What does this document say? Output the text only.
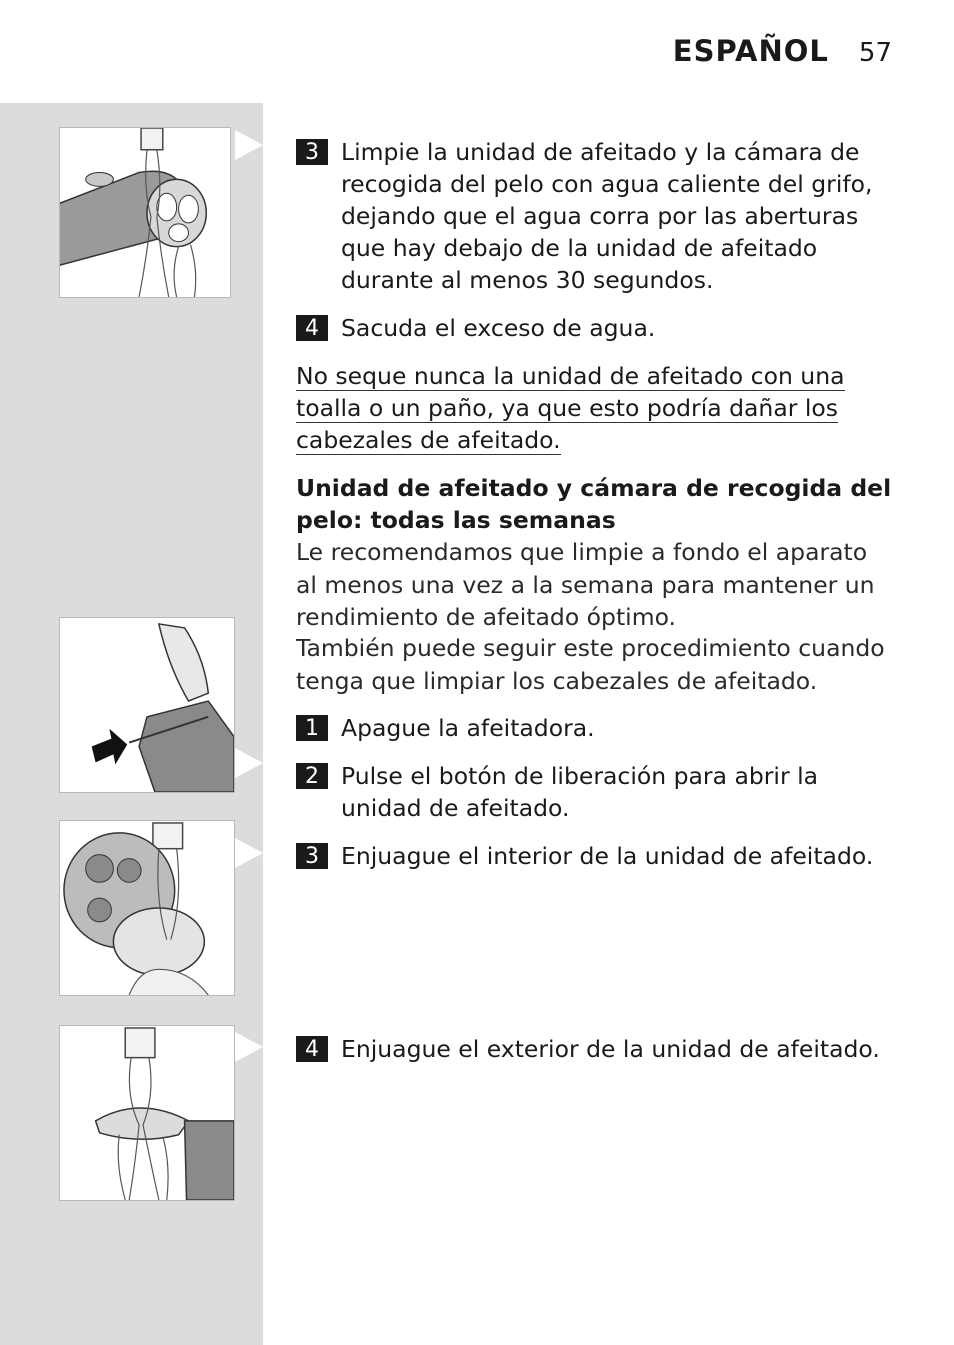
ESPAÑOL 57
3 Limpie la unidad de afeitado y la cámara de recogida del pelo con agua caliente del grifo, dejando que el agua corra por las aberturas que hay debajo de la unidad de afeitado durante al menos 30 segundos.
4 Sacuda el exceso de agua.
No seque nunca la unidad de afeitado con una toalla o un paño, ya que esto podría dañar los cabezales de afeitado.
Unidad de afeitado y cámara de recogida del pelo: todas las semanas
Le recomendamos que limpie a fondo el aparato al menos una vez a la semana para mantener un rendimiento de afeitado óptimo.
También puede seguir este procedimiento cuando tenga que limpiar los cabezales de afeitado.
1 Apague la afeitadora.
2 Pulse el botón de liberación para abrir la unidad de afeitado.
3 Enjuague el interior de la unidad de afeitado.
4 Enjuague el exterior de la unidad de afeitado.
